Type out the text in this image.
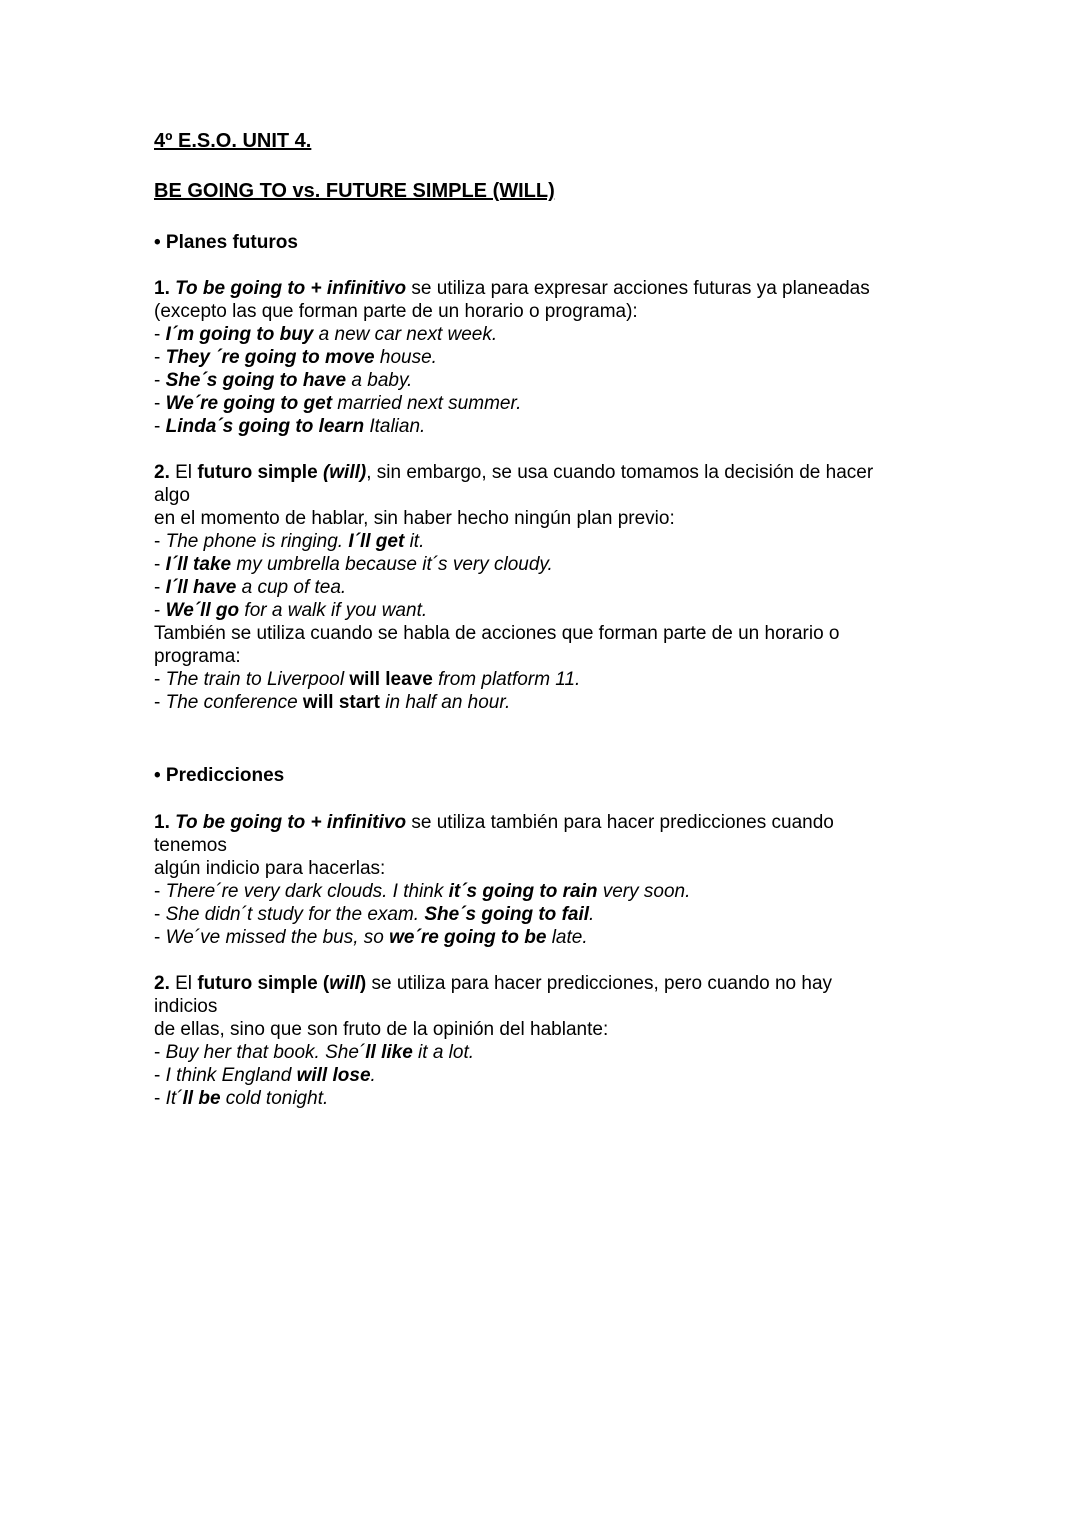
4º E.S.O. UNIT 4.
BE GOING TO vs. FUTURE SIMPLE (WILL)
• Planes futuros
1. To be going to + infinitivo se utiliza para expresar acciones futuras ya planeadas
(excepto las que forman parte de un horario o programa):
- I´m going to buy a new car next week.
- They ´re going to move house.
- She´s going to have a baby.
- We´re going to get married next summer.
- Linda´s going to learn Italian.
2. El futuro simple (will), sin embargo, se usa cuando tomamos la decisión de hacer
algo
en el momento de hablar, sin haber hecho ningún plan previo:
- The phone is ringing. I´ll get it.
- I´ll take my umbrella because it´s very cloudy.
- I´ll have a cup of tea.
- We´ll go for a walk if you want.
También se utiliza cuando se habla de acciones que forman parte de un horario o
programa:
- The train to Liverpool will leave from platform 11.
- The conference will start in half an hour.
• Predicciones
1. To be going to + infinitivo se utiliza también para hacer predicciones cuando
tenemos
algún indicio para hacerlas:
- There´re very dark clouds. I think it´s going to rain very soon.
- She didn´t study for the exam. She´s going to fail.
- We´ve missed the bus, so we´re going to be late.
2. El futuro simple (will) se utiliza para hacer predicciones, pero cuando no hay
indicios
de ellas, sino que son fruto de la opinión del hablante:
- Buy her that book. She´ll like it a lot.
- I think England will lose.
- It´ll be cold tonight.
